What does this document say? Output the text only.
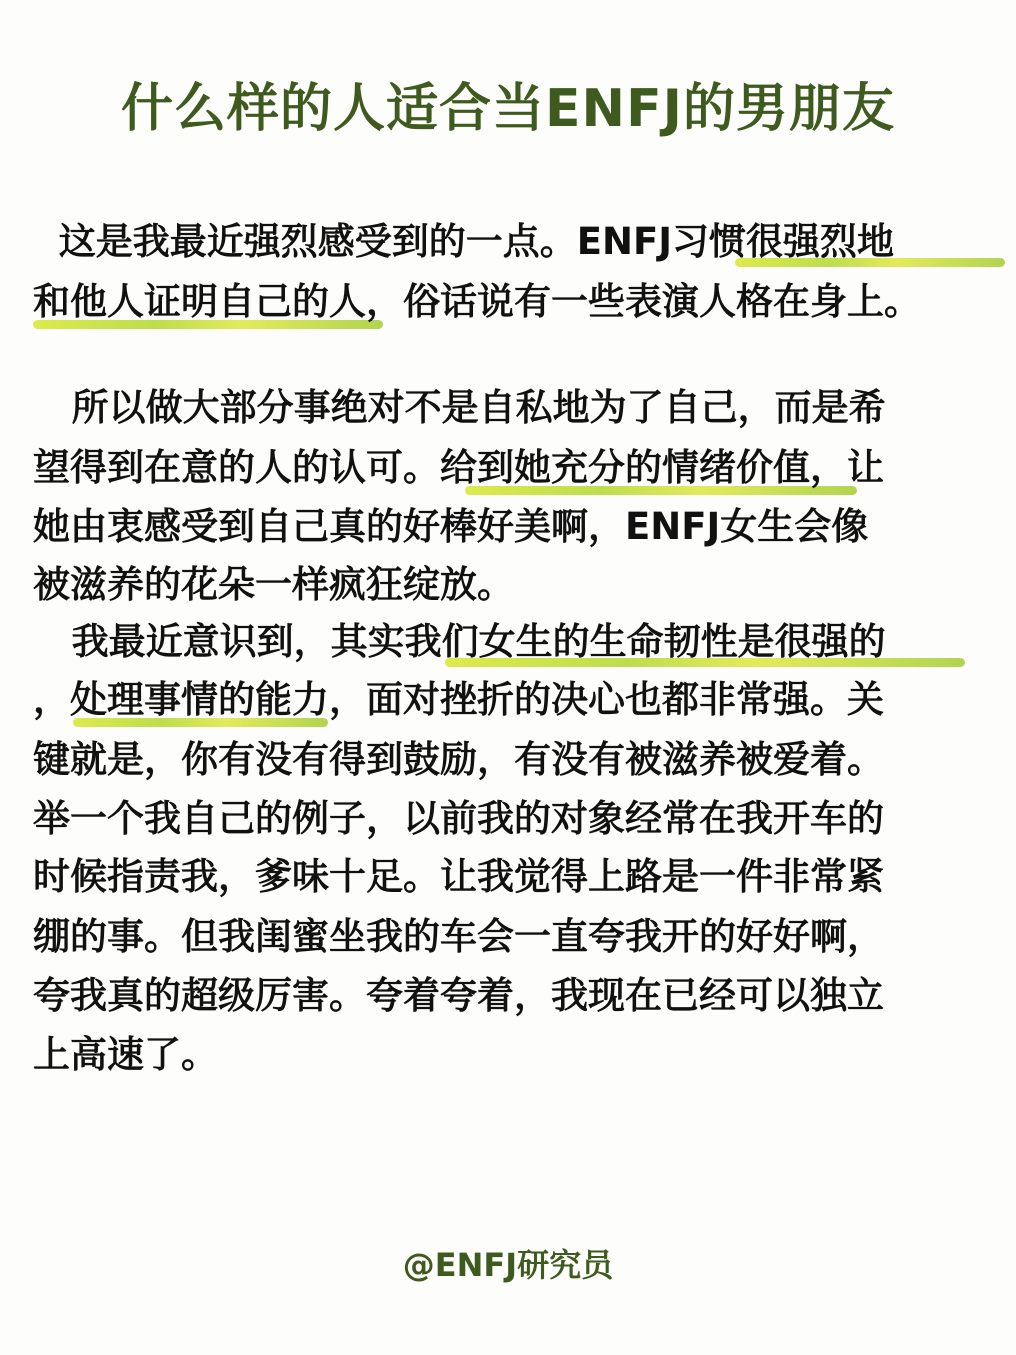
什么样的人适合当ENFJ的男朋友
这是我最近强烈感受到的一点。ENFJ习惯很强烈地
和他人证明自己的人，俗话说有一些表演人格在身上。
所以做大部分事绝对不是自私地为了自己，而是希
望得到在意的人的认可。给到她充分的情绪价值，让
她由衷感受到自己真的好棒好美啊，ENFJ女生会像
被滋养的花朵一样疯狂绽放。
我最近意识到，其实我们女生的生命韧性是很强的
，处理事情的能力，面对挫折的决心也都非常强。关
键就是，你有没有得到鼓励，有没有被滋养被爱着。
举一个我自己的例子，以前我的对象经常在我开车的
时候指责我，爹味十足。让我觉得上路是一件非常紧
绷的事。但我闺蜜坐我的车会一直夸我开的好好啊，
夸我真的超级厉害。夸着夸着，我现在已经可以独立
上高速了。
@ENFJ研究员
